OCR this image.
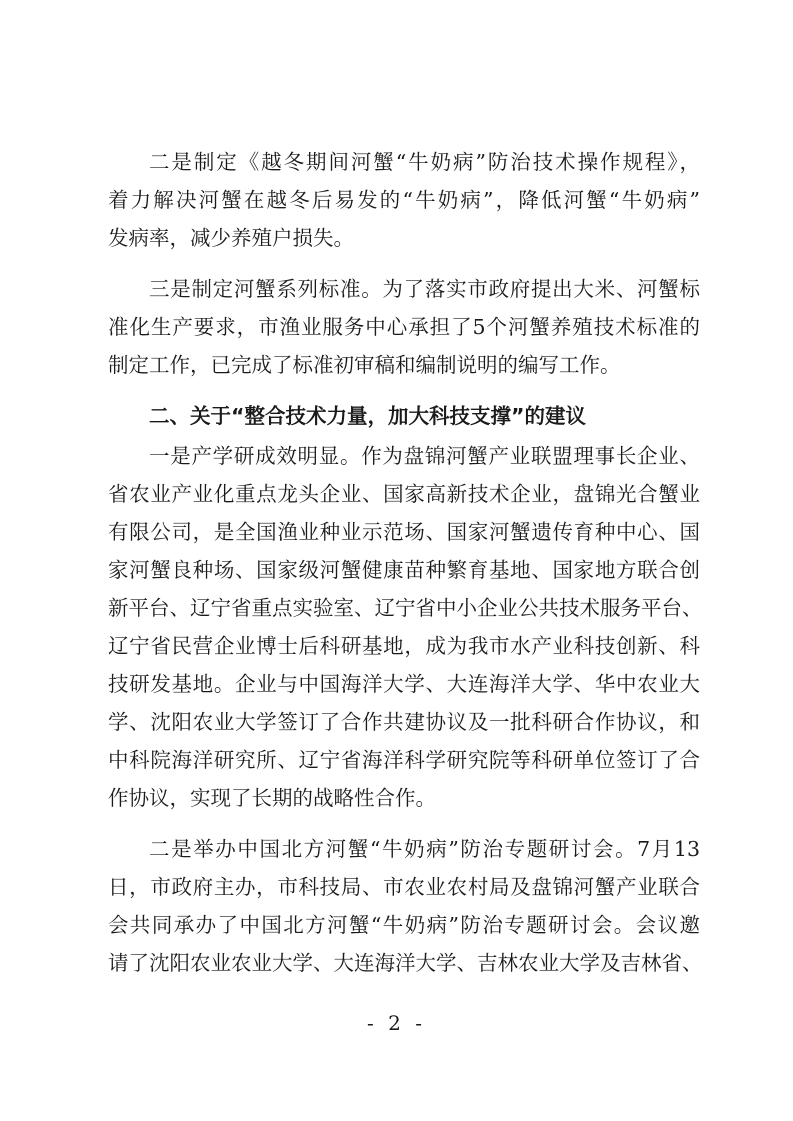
二是制定《越冬期间河蟹“牛奶病”防治技术操作规程》，
着力解决河蟹在越冬后易发的“牛奶病”，降低河蟹“牛奶病”
发病率，减少养殖户损失。
三是制定河蟹系列标准。为了落实市政府提出大米、河蟹标
准化生产要求，市渔业服务中心承担了5个河蟹养殖技术标准的
制定工作，已完成了标准初审稿和编制说明的编写工作。
二、关于“整合技术力量，加大科技支撑”的建议
一是产学研成效明显。作为盘锦河蟹产业联盟理事长企业、
省农业产业化重点龙头企业、国家高新技术企业，盘锦光合蟹业
有限公司，是全国渔业种业示范场、国家河蟹遗传育种中心、国
家河蟹良种场、国家级河蟹健康苗种繁育基地、国家地方联合创
新平台、辽宁省重点实验室、辽宁省中小企业公共技术服务平台、
辽宁省民营企业博士后科研基地，成为我市水产业科技创新、科
技研发基地。企业与中国海洋大学、大连海洋大学、华中农业大
学、沈阳农业大学签订了合作共建协议及一批科研合作协议，和
中科院海洋研究所、辽宁省海洋科学研究院等科研单位签订了合
作协议，实现了长期的战略性合作。
二是举办中国北方河蟹“牛奶病”防治专题研讨会。7月13
日，市政府主办，市科技局、市农业农村局及盘锦河蟹产业联合
会共同承办了中国北方河蟹“牛奶病”防治专题研讨会。会议邀
请了沈阳农业农业大学、大连海洋大学、吉林农业大学及吉林省、
- 2 -
